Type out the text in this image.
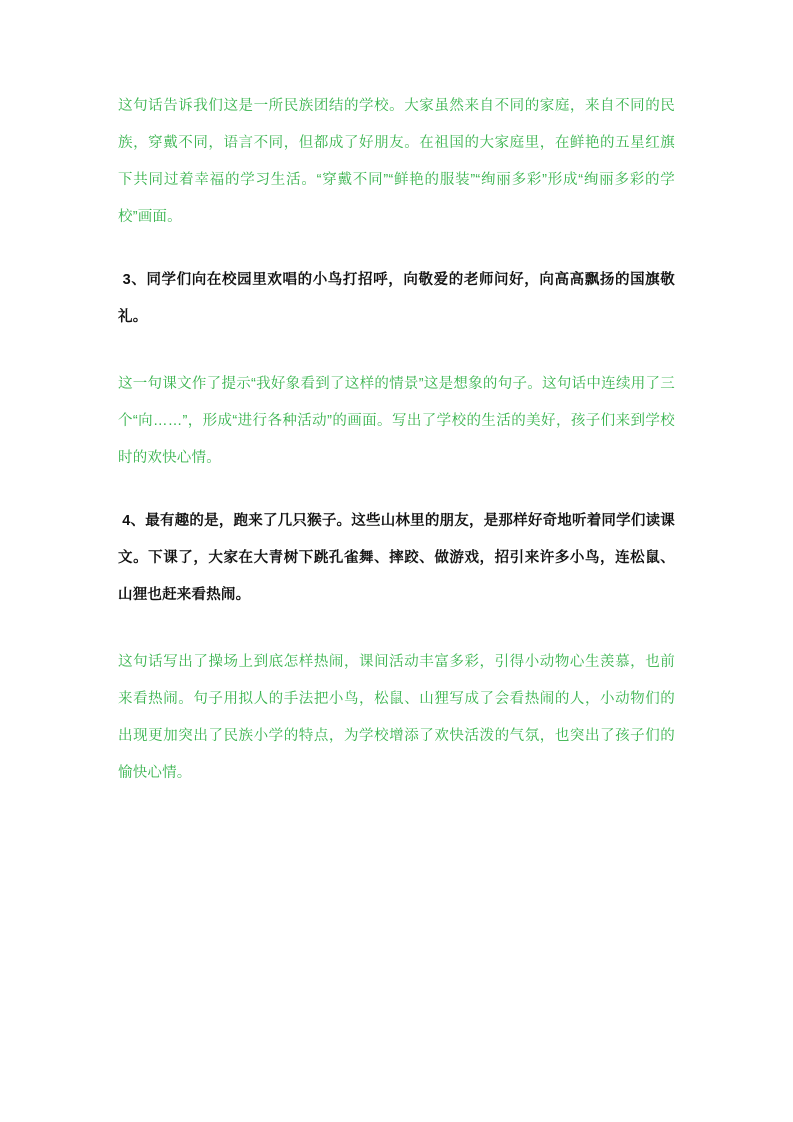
这句话告诉我们这是一所民族团结的学校。大家虽然来自不同的家庭，来自不同的民族，穿戴不同，语言不同，但都成了好朋友。在祖国的大家庭里，在鲜艳的五星红旗下共同过着幸福的学习生活。“穿戴不同”“鲜艳的服装”“绚丽多彩”形成“绚丽多彩的学校”画面。

3、同学们向在校园里欢唱的小鸟打招呼，向敬爱的老师问好，向高高飘扬的国旗敬礼。

这一句课文作了提示“我好象看到了这样的情景”这是想象的句子。这句话中连续用了三个“向……”，形成“进行各种活动”的画面。写出了学校的生活的美好，孩子们来到学校时的欢快心情。

4、最有趣的是，跑来了几只猴子。这些山林里的朋友，是那样好奇地听着同学们读课文。下课了，大家在大青树下跳孔雀舞、摔跤、做游戏，招引来许多小鸟，连松鼠、山狸也赶来看热闹。

这句话写出了操场上到底怎样热闹，课间活动丰富多彩，引得小动物心生羡慕，也前来看热闹。句子用拟人的手法把小鸟，松鼠、山狸写成了会看热闹的人，小动物们的出现更加突出了民族小学的特点，为学校增添了欢快活泼的气氛，也突出了孩子们的愉快心情。
